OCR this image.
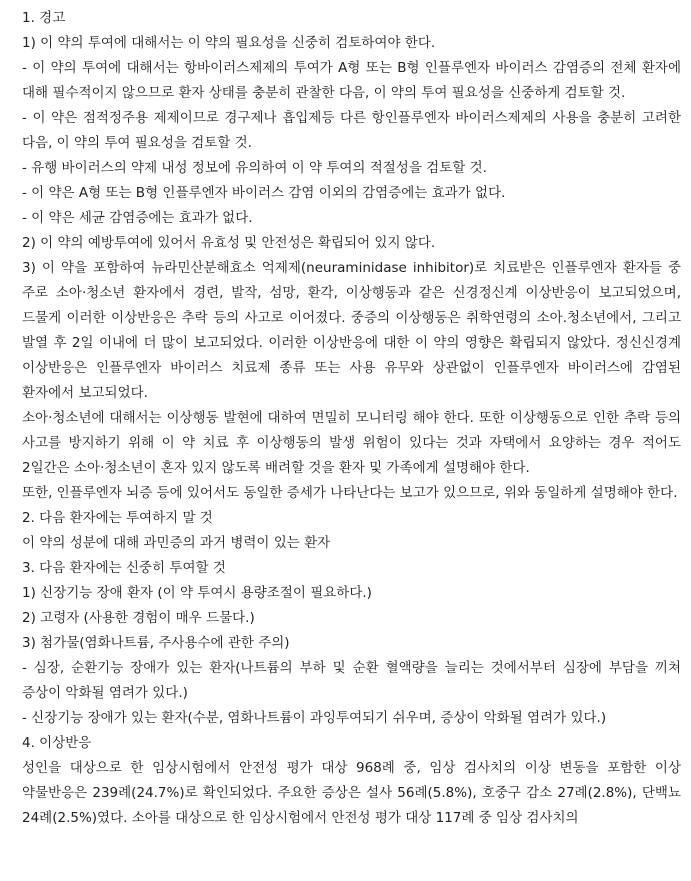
1. 경고

1) 이 약의 투여에 대해서는 이 약의 필요성을 신중히 검토하여야 한다.

- 이 약의 투여에 대해서는 항바이러스제제의 투여가 A형 또는 B형 인플루엔자 바이러스 감염증의 전체 환자에 대해 필수적이지 않으므로 환자 상태를 충분히 관찰한 다음, 이 약의 투여 필요성을 신중하게 검토할 것.

- 이 약은 점적정주용 제제이므로 경구제나 흡입제등 다른 항인플루엔자 바이러스제제의 사용을 충분히 고려한 다음, 이 약의 투여 필요성을 검토할 것.

- 유행 바이러스의 약제 내성 정보에 유의하여 이 약 투여의 적절성을 검토할 것.

- 이 약은 A형 또는 B형 인플루엔자 바이러스 감염 이외의 감염증에는 효과가 없다.

- 이 약은 세균 감염증에는 효과가 없다.

2) 이 약의 예방투여에 있어서 유효성 및 안전성은 확립되어 있지 않다.

3) 이 약을 포함하여 뉴라민산분해효소 억제제(neuraminidase inhibitor)로 치료받은 인플루엔자 환자들 중 주로 소아·청소년 환자에서 경련, 발작, 섬망, 환각, 이상행동과 같은 신경정신계 이상반응이 보고되었으며, 드물게 이러한 이상반응은 추락 등의 사고로 이어졌다. 중증의 이상행동은 취학연령의 소아.청소년에서, 그리고 발열 후 2일 이내에 더 많이 보고되었다. 이러한 이상반응에 대한 이 약의 영향은 확립되지 않았다. 정신신경계 이상반응은 인플루엔자 바이러스 치료제 종류 또는 사용 유무와 상관없이 인플루엔자 바이러스에 감염된 환자에서 보고되었다.

소아·청소년에 대해서는 이상행동 발현에 대하여 면밀히 모니터링 해야 한다. 또한 이상행동으로 인한 추락 등의 사고를 방지하기 위해 이 약 치료 후 이상행동의 발생 위험이 있다는 것과 자택에서 요양하는 경우 적어도 2일간은 소아·청소년이 혼자 있지 않도록 배려할 것을 환자 및 가족에게 설명해야 한다.

또한, 인플루엔자 뇌증 등에 있어서도 동일한 증세가 나타난다는 보고가 있으므로, 위와 동일하게 설명해야 한다.

2. 다음 환자에는 투여하지 말 것

이 약의 성분에 대해 과민증의 과거 병력이 있는 환자

3. 다음 환자에는 신중히 투여할 것

1) 신장기능 장애 환자 (이 약 투여시 용량조절이 필요하다.)

2) 고령자 (사용한 경험이 매우 드물다.)

3) 첨가물(염화나트륨, 주사용수에 관한 주의)

- 심장, 순환기능 장애가 있는 환자(나트륨의 부하 및 순환 혈액량을 늘리는 것에서부터 심장에 부담을 끼쳐 증상이 악화될 염려가 있다.)

- 신장기능 장애가 있는 환자(수분, 염화나트륨이 과잉투여되기 쉬우며, 증상이 악화될 염려가 있다.)

4. 이상반응

성인을 대상으로 한 임상시험에서 안전성 평가 대상 968례 중, 임상 검사치의 이상 변동을 포함한 이상 약물반응은 239례(24.7%)로 확인되었다. 주요한 증상은 설사 56례(5.8%), 호중구 감소 27례(2.8%), 단백뇨 24례(2.5%)였다. 소아를 대상으로 한 임상시험에서 안전성 평가 대상 117례 중 임상 검사치의
